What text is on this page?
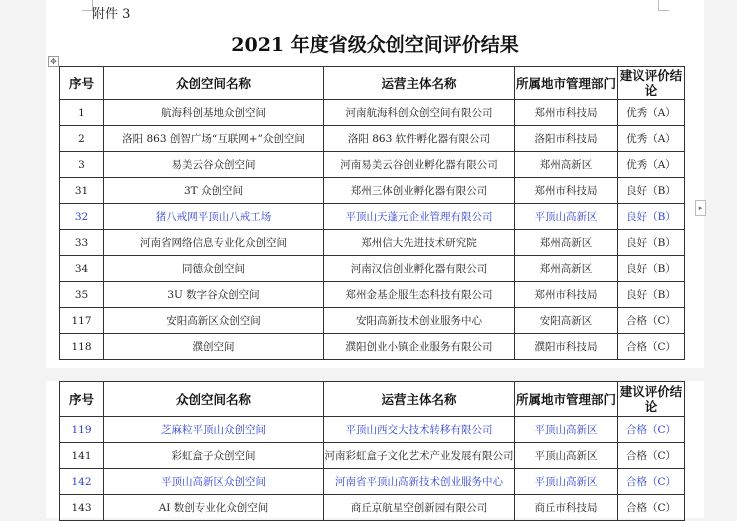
附件 3
2021 年度省级众创空间评价结果
✥
序号	众创空间名称	运营主体名称	所属地市管理部门	建议评价结论
1	航海科创基地众创空间	河南航海科创众创空间有限公司	郑州市科技局	优秀（A）
2	洛阳 863 创智广场“互联网+”众创空间	洛阳 863 软件孵化器有限公司	洛阳市科技局	优秀（A）
3	易美云谷众创空间	河南易美云谷创业孵化器有限公司	郑州高新区	优秀（A）
31	3T 众创空间	郑州三体创业孵化器有限公司	郑州市科技局	良好（B）
32	猪八戒网平顶山八戒工场	平顶山天蓬元企业管理有限公司	平顶山高新区	良好（B）
33	河南省网络信息专业化众创空间	郑州信大先进技术研究院	郑州高新区	良好（B）
34	同德众创空间	河南汉信创业孵化器有限公司	郑州高新区	良好（B）
35	3U 数字谷众创空间	郑州金基企服生态科技有限公司	郑州市科技局	良好（B）
117	安阳高新区众创空间	安阳高新技术创业服务中心	安阳高新区	合格（C）
118	濮创空间	濮阳创业小镇企业服务有限公司	濮阳市科技局	合格（C）
▸
序号	众创空间名称	运营主体名称	所属地市管理部门	建议评价结论
119	芝麻粒平顶山众创空间	平顶山西交大技术转移有限公司	平顶山高新区	合格（C）
141	彩虹盒子众创空间	河南彩虹盒子文化艺术产业发展有限公司	平顶山高新区	合格（C）
142	平顶山高新区众创空间	河南省平顶山高新技术创业服务中心	平顶山高新区	合格（C）
143	AI 数创专业化众创空间	商丘京航星空创新园有限公司	商丘市科技局	合格（C）
